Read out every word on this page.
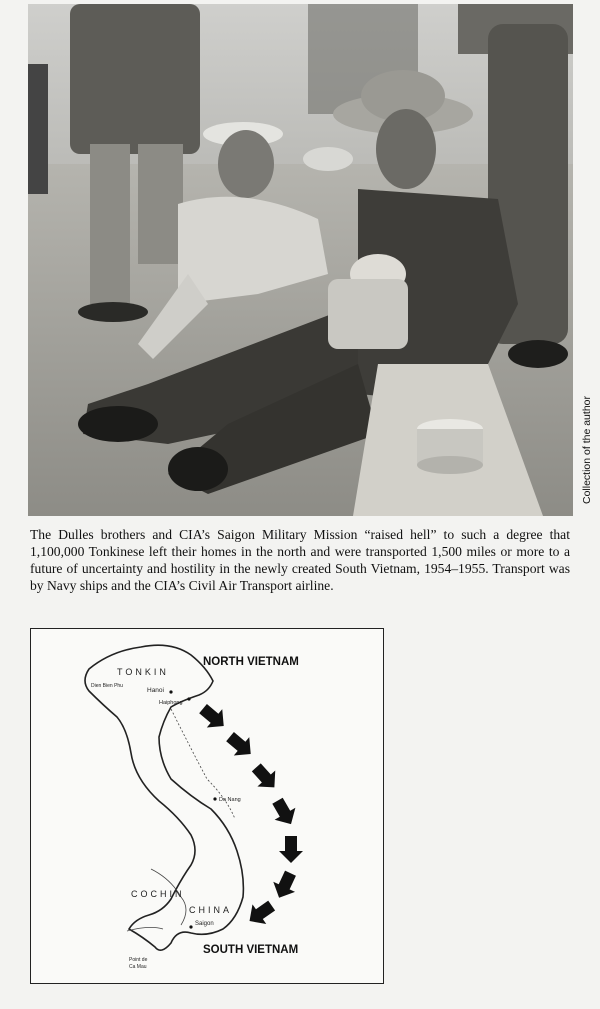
Collection of the author

The Dulles brothers and CIA’s Saigon Military Mission “raised hell” to such a degree that 1,100,000 Tonkinese left their homes in the north and were transported 1,500 miles or more to a future of uncertainty and hostility in the newly created South Vietnam, 1954–1955. Transport was by Navy ships and the CIA’s Civil Air Transport airline.

NORTH VIETNAM
SOUTH VIETNAM
TONKIN
COCHIN
CHINA
Dien Bien Phu
Hanoi
Haiphong
Da Nang
Saigon
Point de
Ca Mau
